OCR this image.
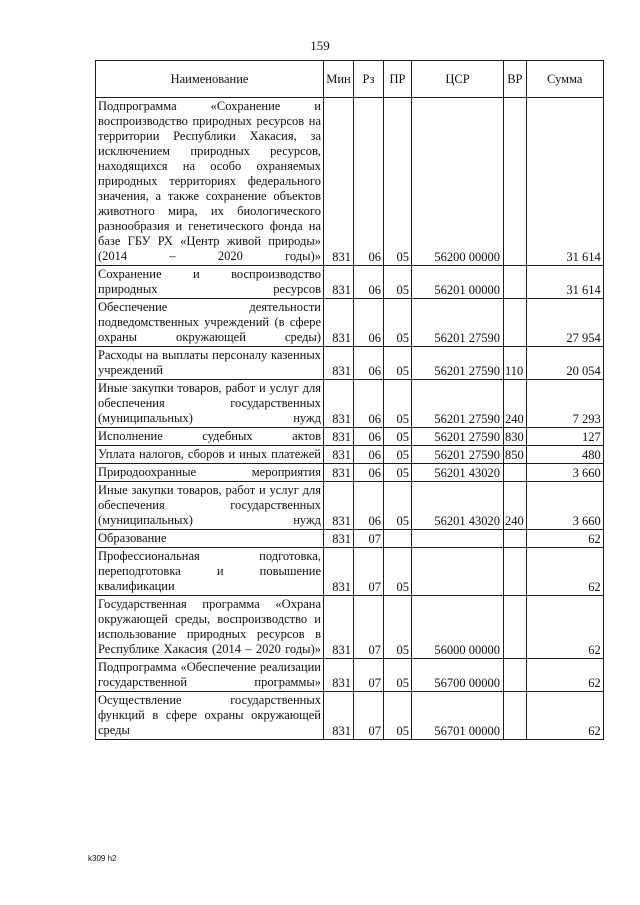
159
Наименование	Мин	Рз	ПР	ЦСР	ВР	Сумма
Подпрограмма «Сохранение и воспроизводство природных ресурсов на территории Республики Хакасия, за исключением природных ресурсов, находящихся на особо охраняемых природных территориях федерального значения, а также сохранение объектов животного мира, их биологического разнообразия и генетического фонда на базе ГБУ РХ «Центр живой природы» (2014 – 2020 годы)»	831	06	05	56200 00000		31 614
Сохранение и воспроизводство природных ресурсов	831	06	05	56201 00000		31 614
Обеспечение деятельности подведомственных учреждений (в сфере охраны окружающей среды)	831	06	05	56201 27590		27 954
Расходы на выплаты персоналу казенных учреждений	831	06	05	56201 27590	110	20 054
Иные закупки товаров, работ и услуг для обеспечения государственных (муниципальных) нужд	831	06	05	56201 27590	240	7 293
Исполнение судебных актов	831	06	05	56201 27590	830	127
Уплата налогов, сборов и иных платежей	831	06	05	56201 27590	850	480
Природоохранные мероприятия	831	06	05	56201 43020		3 660
Иные закупки товаров, работ и услуг для обеспечения государственных (муниципальных) нужд	831	06	05	56201 43020	240	3 660
Образование	831	07				62
Профессиональная подготовка, переподготовка и повышение квалификации	831	07	05			62
Государственная программа «Охрана окружающей среды, воспроизводство и использование природных ресурсов в Республике Хакасия (2014 – 2020 годы)»	831	07	05	56000 00000		62
Подпрограмма «Обеспечение реализации государственной программы»	831	07	05	56700 00000		62
Осуществление государственных функций в сфере охраны окружающей среды	831	07	05	56701 00000		62
k309 h2
